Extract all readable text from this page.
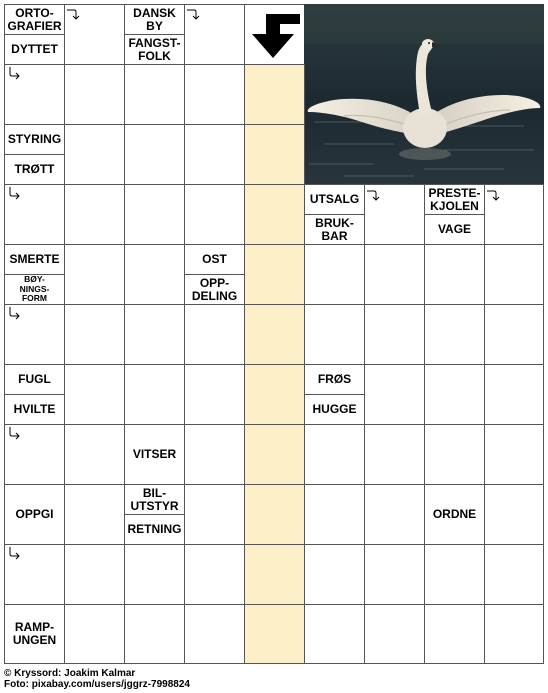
ORTO-
GRAFIER
DYTTET
DANSK
BY
FANGST-
FOLK
STYRING
TRØTT
UTSALG
BRUK-
BAR
PRESTE-
KJOLEN
VAGE
SMERTE
BØY-
NINGS-
FORM
OST
OPP-
DELING
FUGL
HVILTE
FRØS
HUGGE
VITSER
OPPGI
BIL-
UTSTYR
RETNING
ORDNE
RAMP-
UNGEN
© Kryssord: Joakim Kalmar
Foto: pixabay.com/users/jggrz-7998824
